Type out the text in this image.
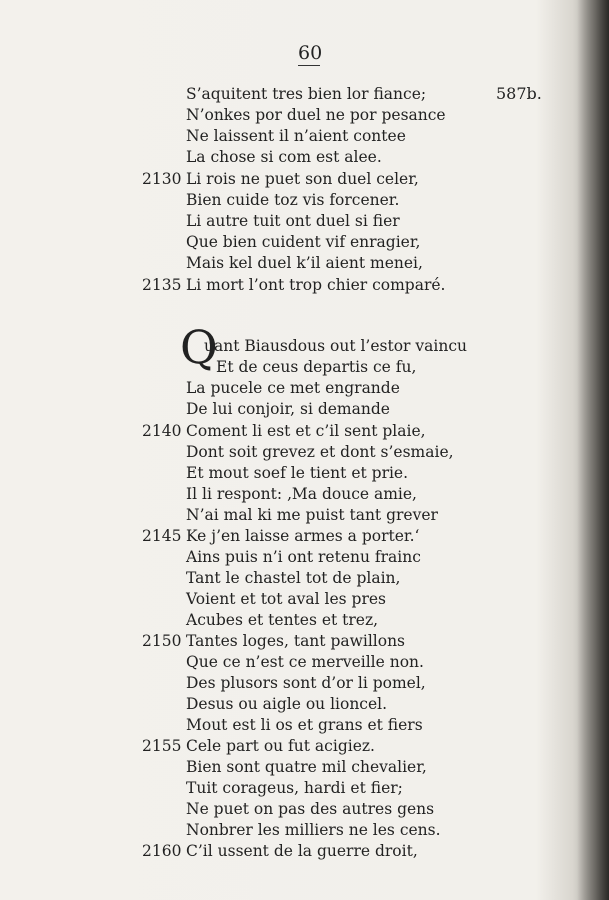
60
587b.
S’aquitent tres bien lor fiance;
N’onkes por duel ne por pesance
Ne laissent il n’aient contee
La chose si com est alee.
2130 Li rois ne puet son duel celer,
Bien cuide toz vis forcener.
Li autre tuit ont duel si fier
Que bien cuident vif enragier,
Mais kel duel k’il aient menei,
2135 Li mort l’ont trop chier comparé.
Q
uant Biausdous out l’estor vaincu
Et de ceus departis ce fu,
La pucele ce met engrande
De lui conjoir, si demande
2140 Coment li est et c’il sent plaie,
Dont soit grevez et dont s’esmaie,
Et mout soef le tient et prie.
Il li respont: ‚Ma douce amie,
N’ai mal ki me puist tant grever
2145 Ke j’en laisse armes a porter.‘
Ains puis n’i ont retenu frainc
Tant le chastel tot de plain,
Voient et tot aval les pres
Acubes et tentes et trez,
2150 Tantes loges, tant pawillons
Que ce n’est ce merveille non.
Des plusors sont d’or li pomel,
Desus ou aigle ou lioncel.
Mout est li os et grans et fiers
2155 Cele part ou fut acigiez.
Bien sont quatre mil chevalier,
Tuit corageus, hardi et fier;
Ne puet on pas des autres gens
Nonbrer les milliers ne les cens.
2160 C’il ussent de la guerre droit,
